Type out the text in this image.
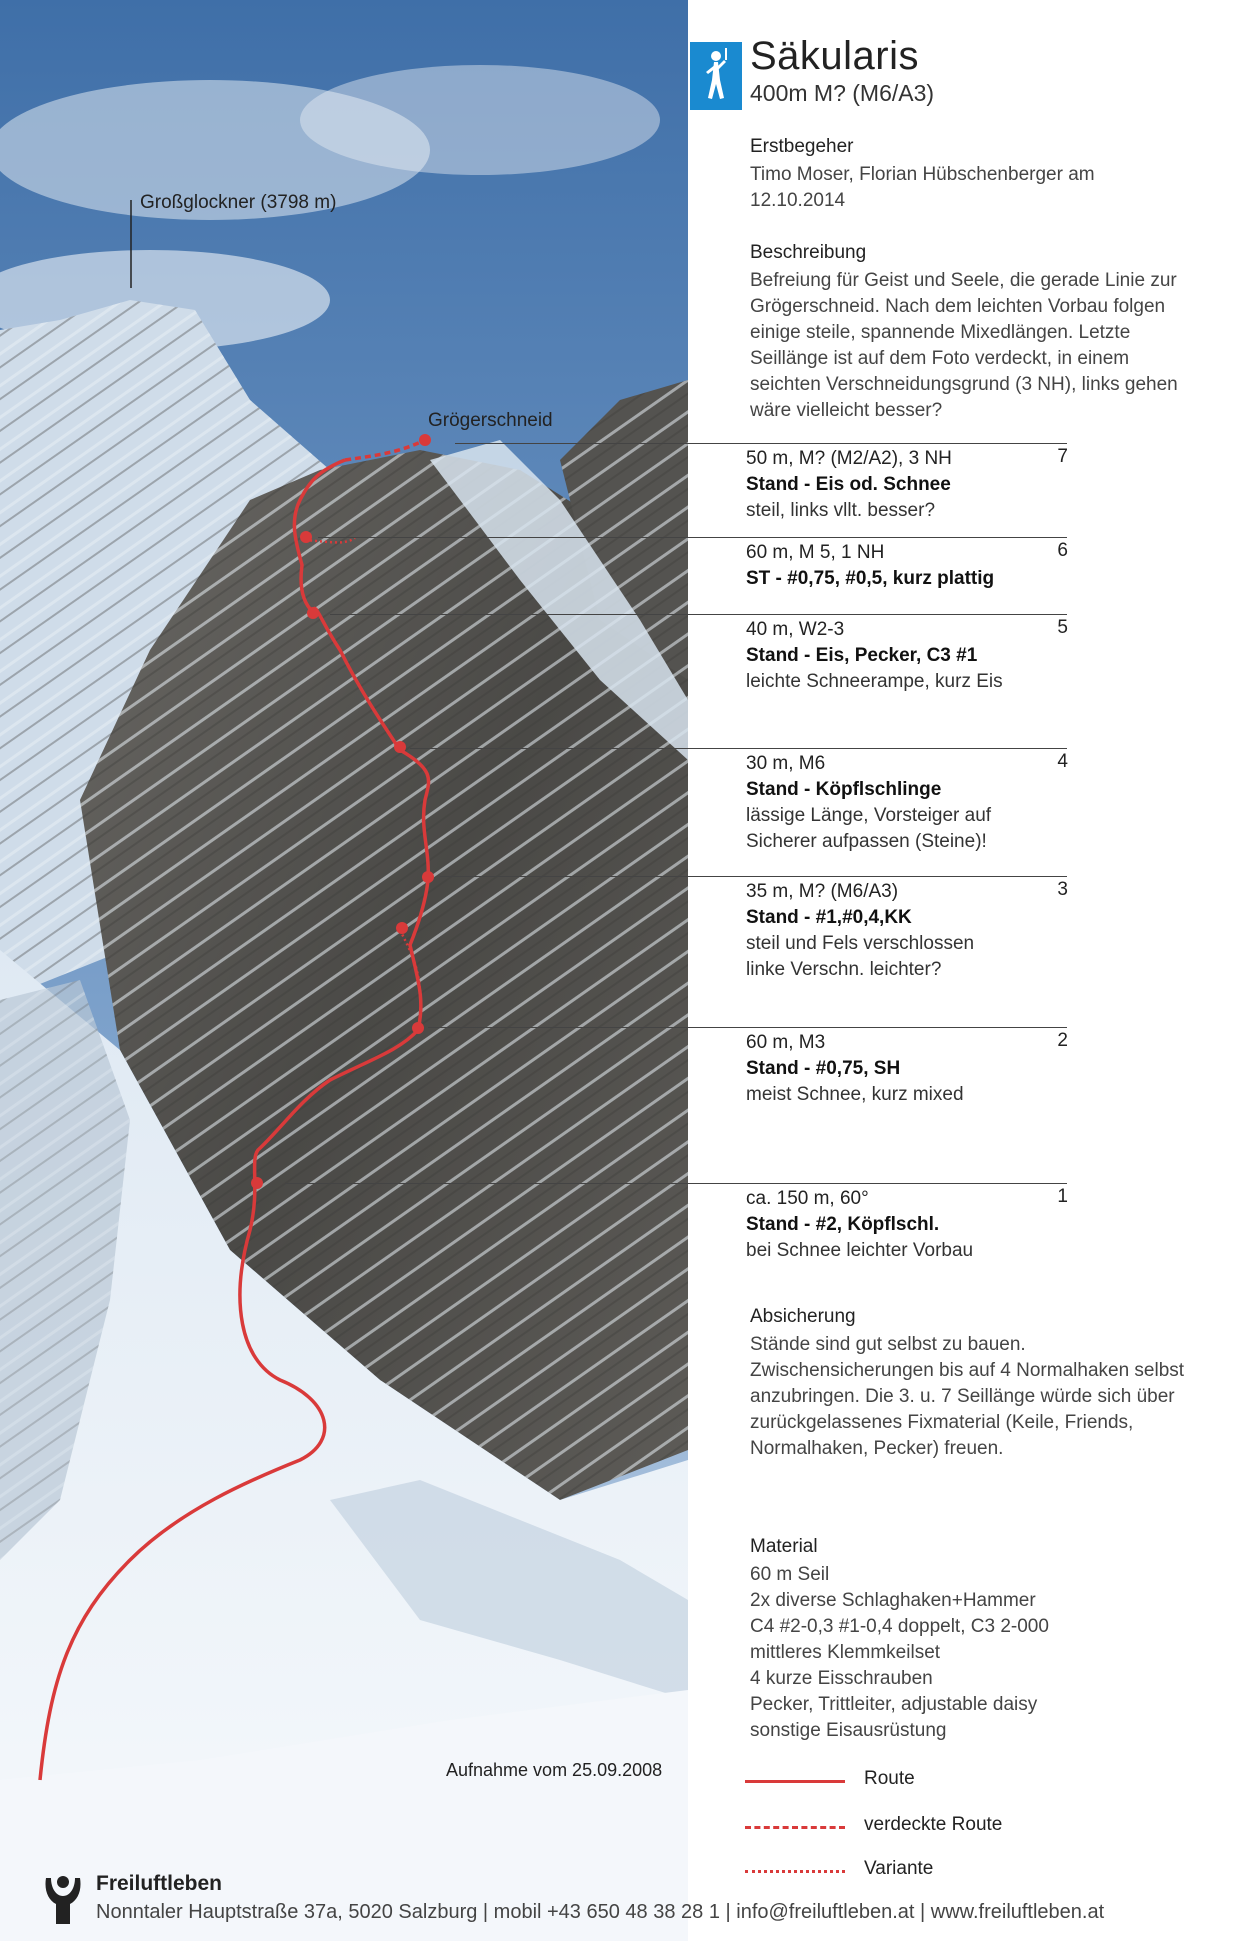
Großglockner (3798 m)
Grögerschneid
Aufnahme vom 25.09.2008
Säkularis
400m M? (M6/A3)
Erstbegeher
Timo Moser, Florian Hübschenberger am 12.10.2014
Beschreibung
Befreiung für Geist und Seele, die gerade Linie zur Grögerschneid. Nach dem leichten Vorbau folgen einige steile, spannende Mixedlängen. Letzte Seillänge ist auf dem Foto verdeckt, in einem seichten Verschneidungsgrund (3 NH), links gehen wäre vielleicht besser?
50 m, M? (M2/A2), 3 NH
Stand - Eis od. Schnee
steil, links vllt. besser?
7
60 m, M 5, 1 NH
ST - #0,75, #0,5, kurz plattig
6
40 m, W2-3
Stand - Eis, Pecker, C3 #1
leichte Schneerampe, kurz Eis
5
30 m, M6
Stand - Köpflschlinge
lässige Länge, Vorsteiger auf Sicherer aufpassen (Steine)!
4
35 m, M? (M6/A3)
Stand - #1,#0,4,KK
steil und Fels verschlossen linke Verschn. leichter?
3
60 m, M3
Stand - #0,75, SH
meist Schnee, kurz mixed
2
ca. 150 m, 60°
Stand - #2, Köpflschl.
bei Schnee leichter Vorbau
1
Absicherung
Stände sind gut selbst zu bauen. Zwischensicherungen bis auf 4 Normalhaken selbst anzubringen. Die 3. u. 7 Seillänge würde sich über zurückgelassenes Fixmaterial (Keile, Friends, Normalhaken, Pecker) freuen.
Material
60 m Seil
2x diverse Schlaghaken+Hammer
C4 #2-0,3 #1-0,4 doppelt, C3 2-000
mittleres Klemmkeilset
4 kurze Eisschrauben
Pecker, Trittleiter, adjustable daisy
sonstige Eisausrüstung
Route
verdeckte Route
Variante
Freiluftleben
Nonntaler Hauptstraße 37a, 5020 Salzburg | mobil +43 650 48 38 28 1 | info@freiluftleben.at | www.freiluftleben.at
